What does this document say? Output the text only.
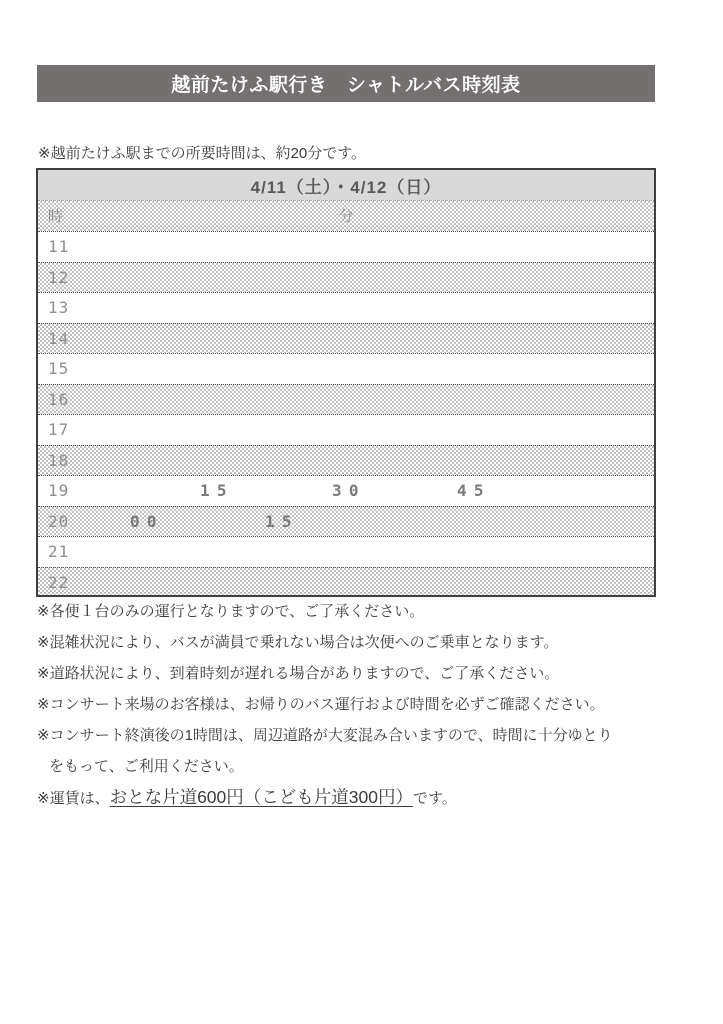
越前たけふ駅行き　シャトルバス時刻表
※越前たけふ駅までの所要時間は、約20分です。
4/11（土）・4/12（日）
時	分
11
12
13
14
15
16
17
18
19	15	30	45
20	00	15
21
22
※各便１台のみの運行となりますので、ご了承ください。
※混雑状況により、バスが満員で乗れない場合は次便へのご乗車となります。
※道路状況により、到着時刻が遅れる場合がありますので、ご了承ください。
※コンサート来場のお客様は、お帰りのバス運行および時間を必ずご確認ください。
※コンサート終演後の1時間は、周辺道路が大変混み合いますので、時間に十分ゆとり
をもって、ご利用ください。
※運賃は、おとな片道600円（こども片道300円）です。
